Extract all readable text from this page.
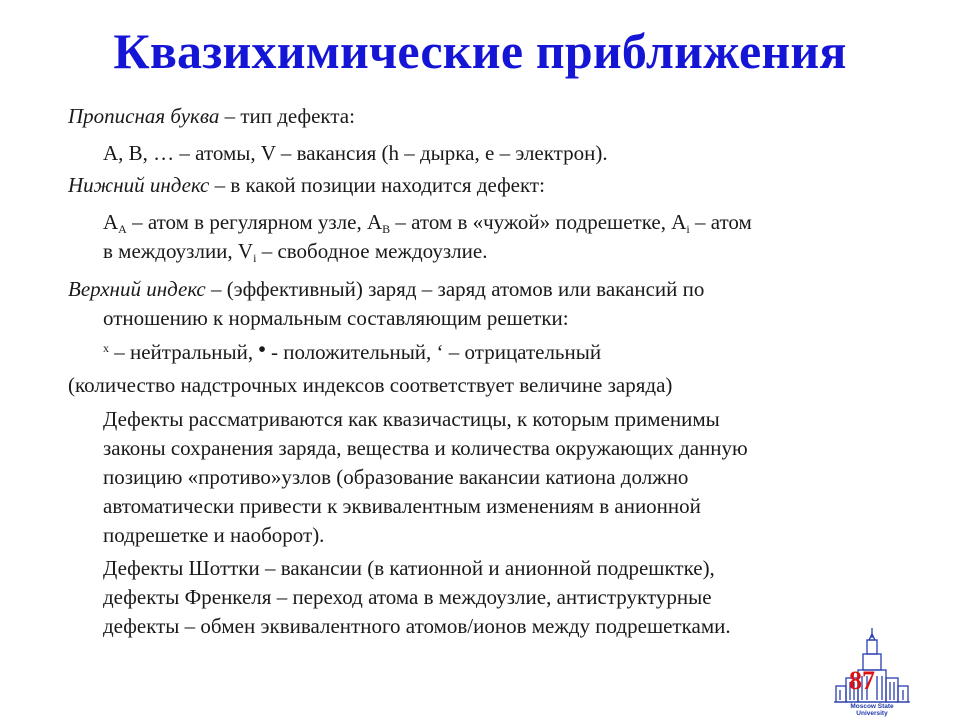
Квазихимические приближения
Прописная буква – тип дефекта:
А, В, … – атомы, V – вакансия (h – дырка, e – электрон).
Нижний индекс – в какой позиции находится дефект:
$А_А$ – атом в регулярном узле, $А_В$ – атом в «чужой» подрешетке, $А_i$ – атом
в междоузлии, $V_i$ – свободное междоузлие.
Верхний индекс – (эффективный) заряд – заряд атомов или вакансий по
отношению к нормальным составляющим решетки:
$^x$ – нейтральный, • - положительный, ‘ – отрицательный
(количество надстрочных индексов соответствует величине заряда)
Дефекты рассматриваются как квазичастицы, к которым применимы
законы сохранения заряда, вещества и количества окружающих данную
позицию «противо»узлов (образование вакансии катиона должно
автоматически привести к эквивалентным изменениям в анионной
подрешетке и наоборот).
Дефекты Шоттки – вакансии (в катионной и анионной подрешктке),
дефекты Френкеля – переход атома в междоузлие, антиструктурные
дефекты – обмен эквивалентного атомов/ионов между подрешетками.
87
Moscow State
University
